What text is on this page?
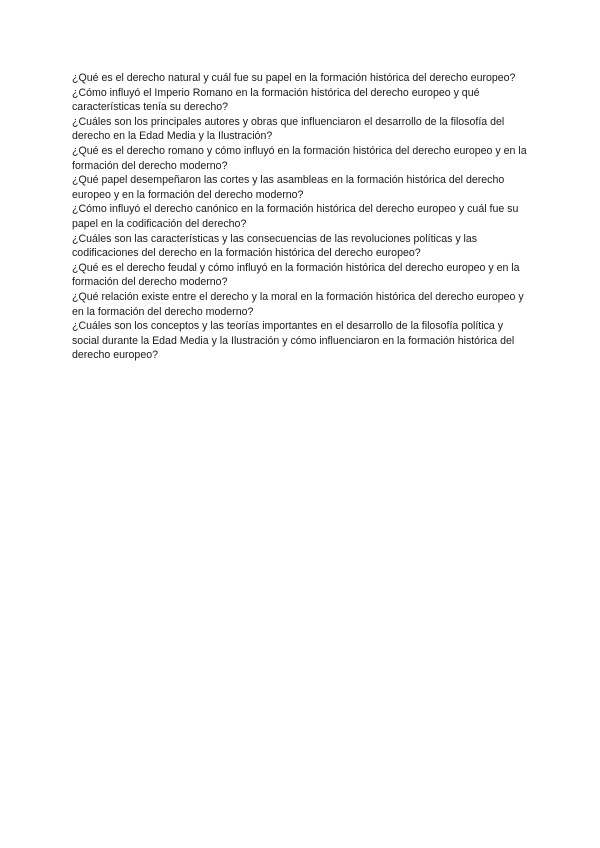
¿Qué es el derecho natural y cuál fue su papel en la formación histórica del derecho europeo?
¿Cómo influyó el Imperio Romano en la formación histórica del derecho europeo y qué características tenía su derecho?
¿Cuáles son los principales autores y obras que influenciaron el desarrollo de la filosofía del derecho en la Edad Media y la Ilustración?
¿Qué es el derecho romano y cómo influyó en la formación histórica del derecho europeo y en la formación del derecho moderno?
¿Qué papel desempeñaron las cortes y las asambleas en la formación histórica del derecho europeo y en la formación del derecho moderno?
¿Cómo influyó el derecho canónico en la formación histórica del derecho europeo y cuál fue su papel en la codificación del derecho?
¿Cuáles son las características y las consecuencias de las revoluciones políticas y las codificaciones del derecho en la formación histórica del derecho europeo?
¿Qué es el derecho feudal y cómo influyó en la formación histórica del derecho europeo y en la formación del derecho moderno?
¿Qué relación existe entre el derecho y la moral en la formación histórica del derecho europeo y en la formación del derecho moderno?
¿Cuáles son los conceptos y las teorías importantes en el desarrollo de la filosofía política y social durante la Edad Media y la Ilustración y cómo influenciaron en la formación histórica del derecho europeo?
